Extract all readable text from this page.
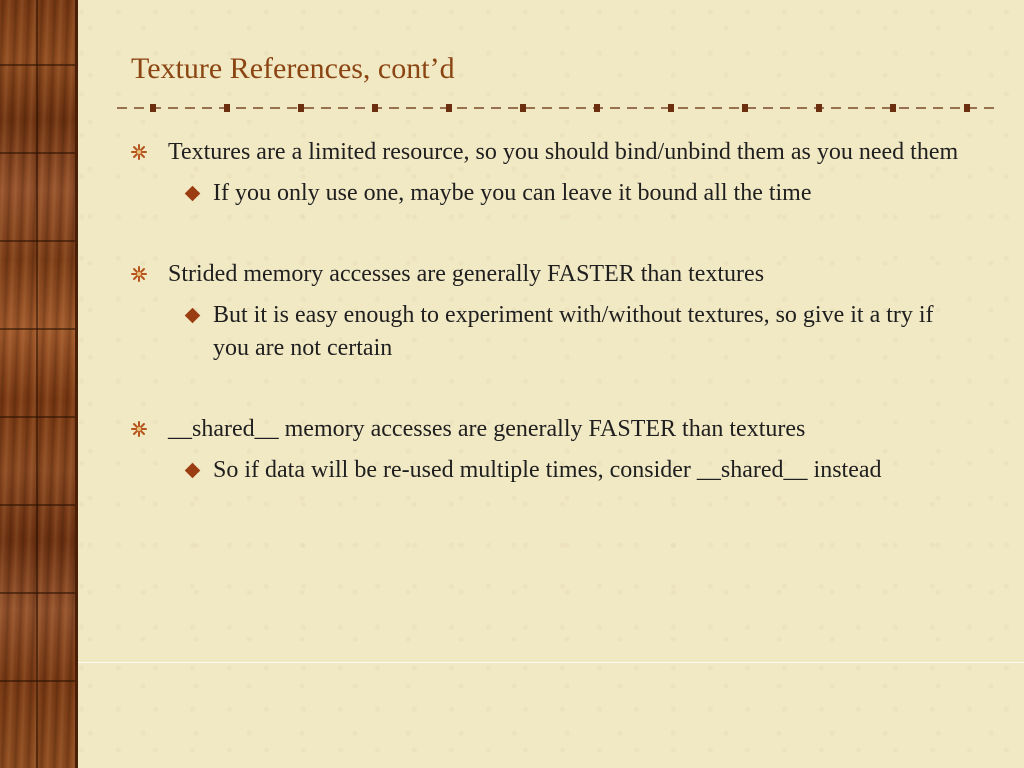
Texture References, cont’d
Textures are a limited resource, so you should bind/unbind them as you need them
If you only use one, maybe you can leave it bound all the time
Strided memory accesses are generally FASTER than textures
But it is easy enough to experiment with/without textures, so give it a try if you are not certain
__shared__ memory accesses are generally FASTER than textures
So if data will be re-used multiple times, consider __shared__ instead
